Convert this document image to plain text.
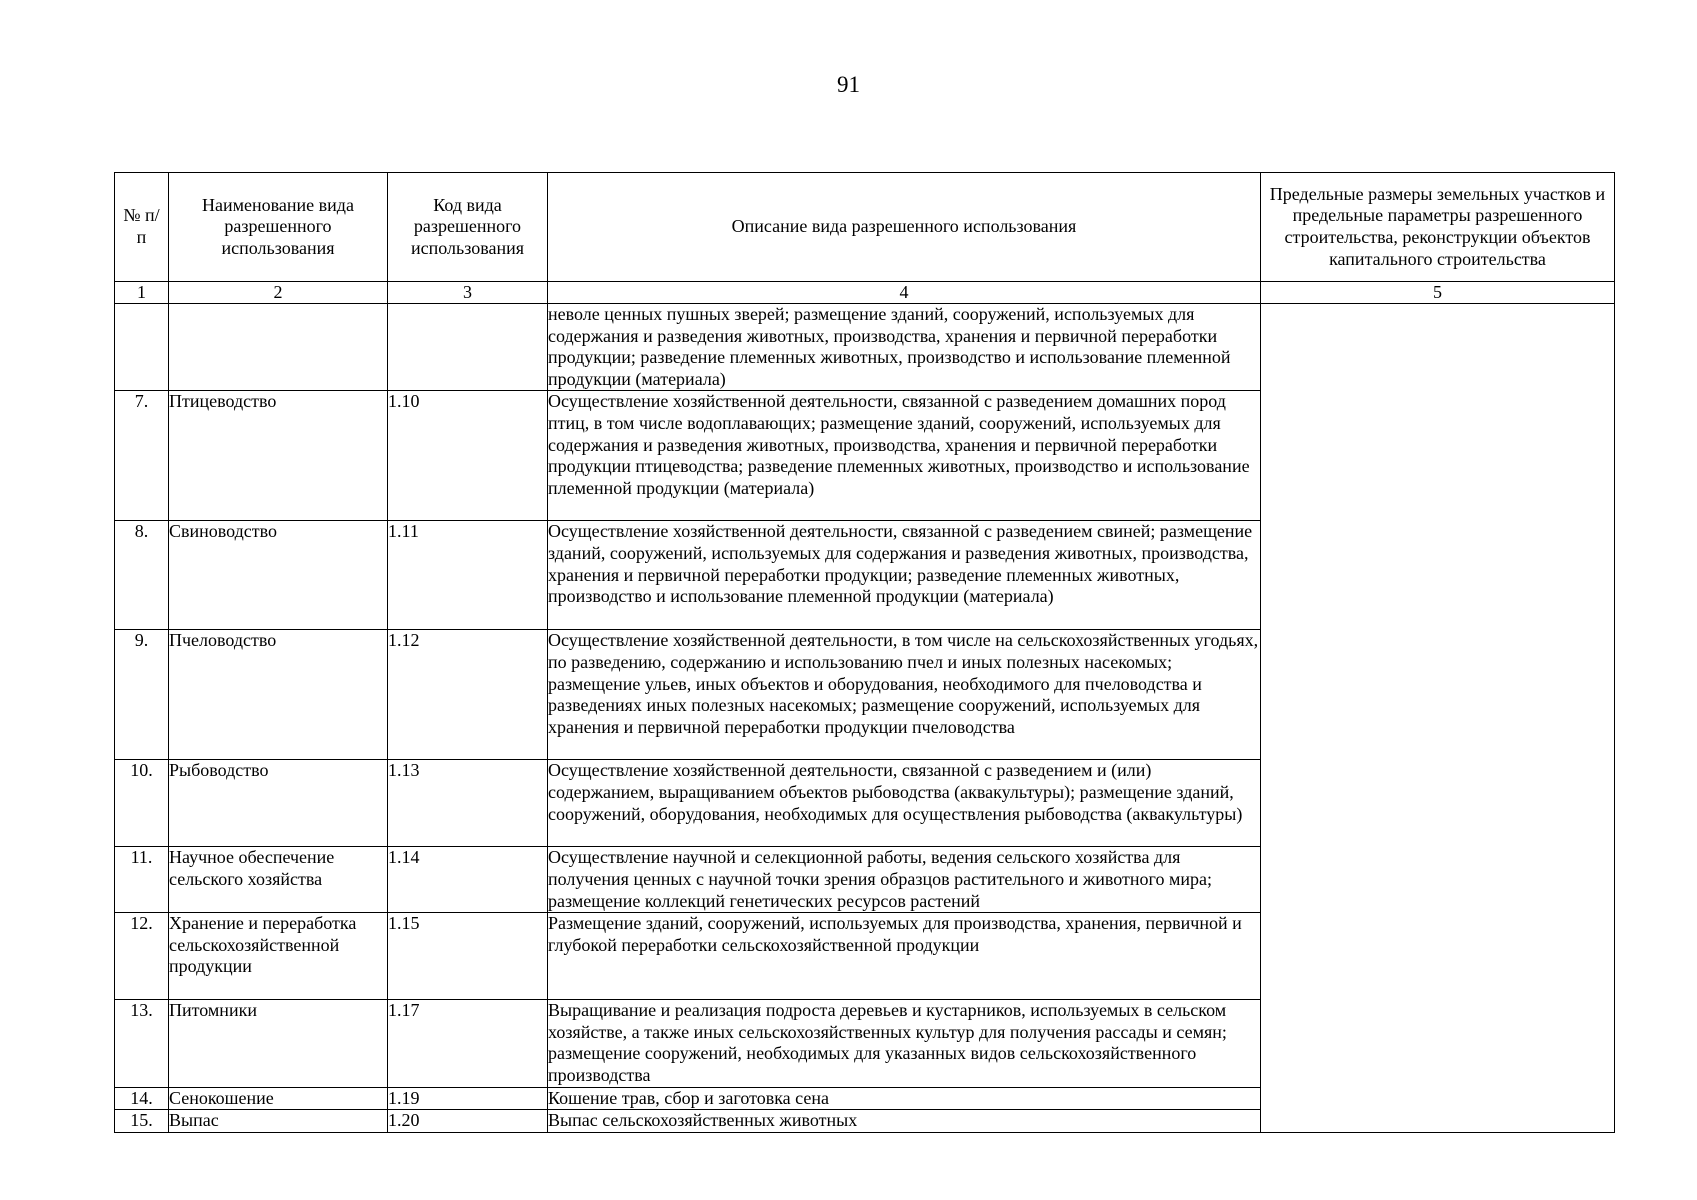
91
№ п/п	Наименование вида разрешенного использования	Код вида разрешенного использования	Описание вида разрешенного использования	Предельные размеры земельных участков и предельные параметры разрешенного строительства, реконструкции объектов капитального строительства
1	2	3	4	5
			неволе ценных пушных зверей; размещение зданий, сооружений, используемых для содержания и разведения животных, производства, хранения и первичной переработки продукции; разведение племенных животных, производство и использование племенной продукции (материала)	
7.	Птицеводство	1.10	Осуществление хозяйственной деятельности, связанной с разведением домашних пород птиц, в том числе водоплавающих; размещение зданий, сооружений, используемых для содержания и разведения животных, производства, хранения и первичной переработки продукции птицеводства; разведение племенных животных, производство и использование племенной продукции (материала)	
8.	Свиноводство	1.11	Осуществление хозяйственной деятельности, связанной с разведением свиней; размещение зданий, сооружений, используемых для содержания и разведения животных, производства, хранения и первичной переработки продукции; разведение племенных животных, производство и использование племенной продукции (материала)	
9.	Пчеловодство	1.12	Осуществление хозяйственной деятельности, в том числе на сельскохозяйственных угодьях, по разведению, содержанию и использованию пчел и иных полезных насекомых; размещение ульев, иных объектов и оборудования, необходимого для пчеловодства и разведениях иных полезных насекомых; размещение сооружений, используемых для хранения и первичной переработки продукции пчеловодства	
10.	Рыбоводство	1.13	Осуществление хозяйственной деятельности, связанной с разведением и (или) содержанием, выращиванием объектов рыбоводства (аквакультуры); размещение зданий, сооружений, оборудования, необходимых для осуществления рыбоводства (аквакультуры)	
11.	Научное обеспечение сельского хозяйства	1.14	Осуществление научной и селекционной работы, ведения сельского хозяйства для получения ценных с научной точки зрения образцов растительного и животного мира; размещение коллекций генетических ресурсов растений	
12.	Хранение и переработка сельскохозяйственной продукции	1.15	Размещение зданий, сооружений, используемых для производства, хранения, первичной и глубокой переработки сельскохозяйственной продукции	
13.	Питомники	1.17	Выращивание и реализация подроста деревьев и кустарников, используемых в сельском хозяйстве, а также иных сельскохозяйственных культур для получения рассады и семян; размещение сооружений, необходимых для указанных видов сельскохозяйственного производства	
14.	Сенокошение	1.19	Кошение трав, сбор и заготовка сена	
15.	Выпас	1.20	Выпас сельскохозяйственных животных	
